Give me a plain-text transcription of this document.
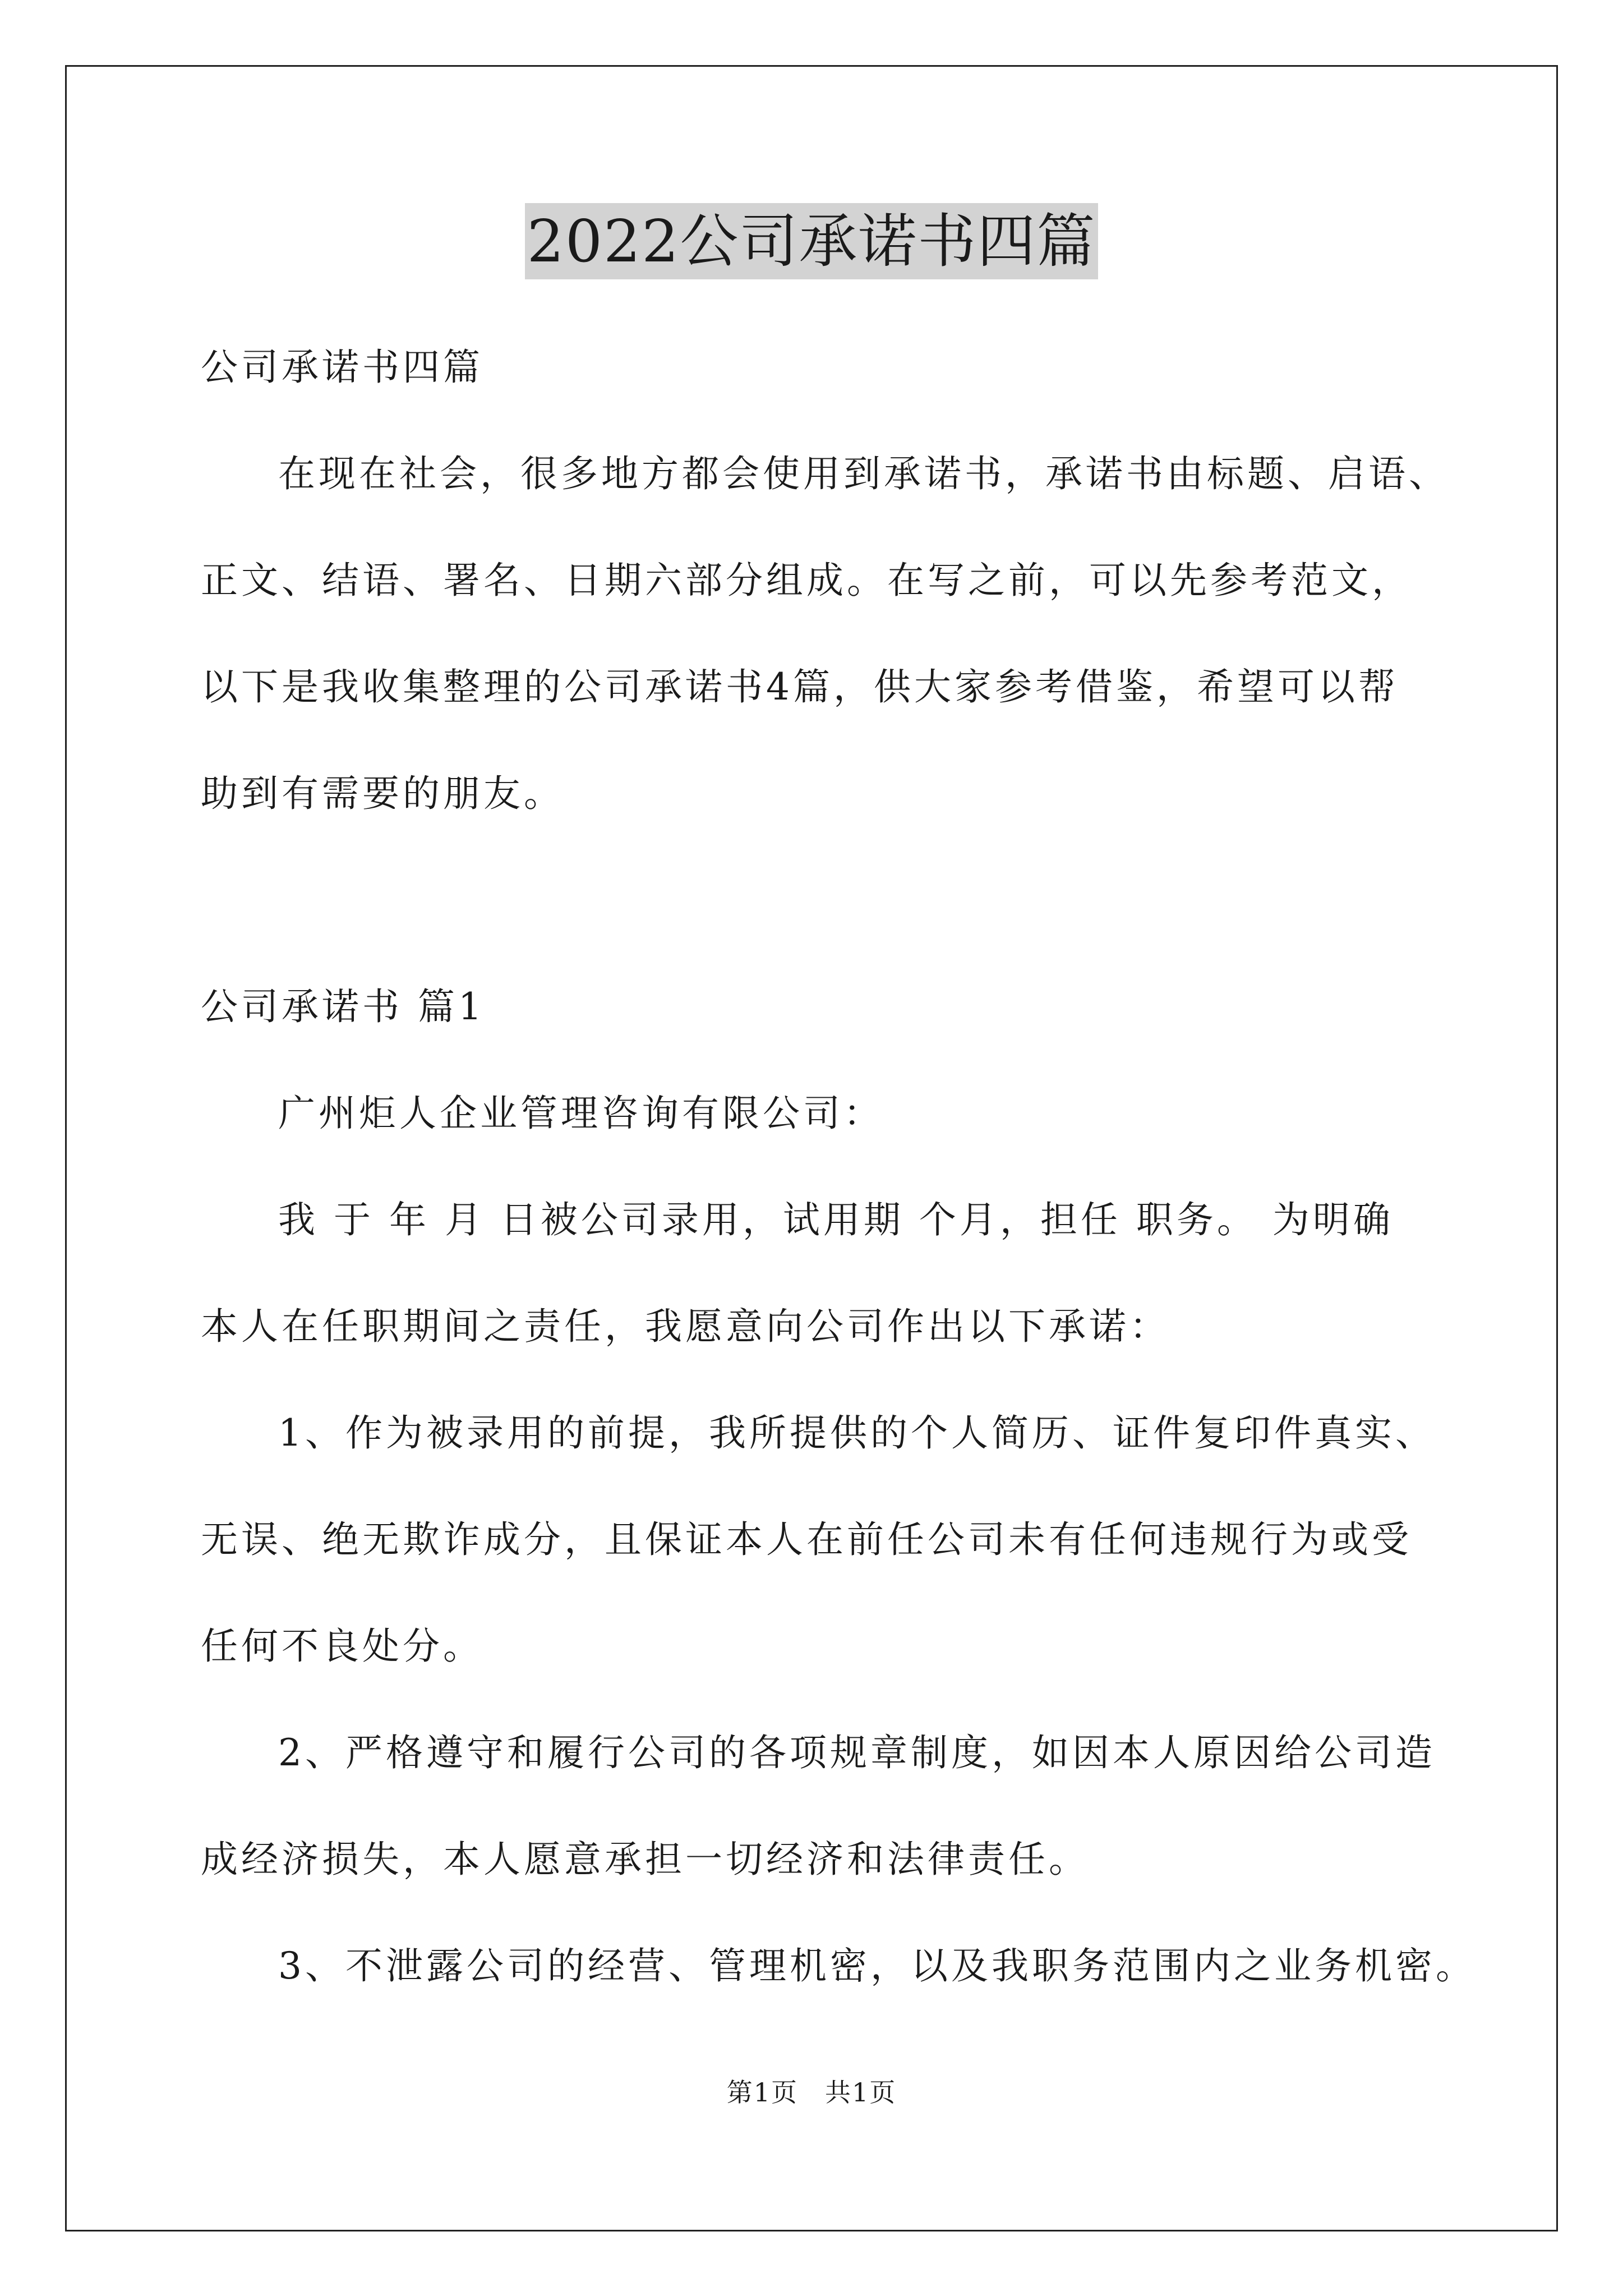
2022公司承诺书四篇
公司承诺书四篇
在现在社会，很多地方都会使用到承诺书，承诺书由标题、启语、
正文、结语、署名、日期六部分组成。在写之前，可以先参考范文，
以下是我收集整理的公司承诺书4篇，供大家参考借鉴，希望可以帮
助到有需要的朋友。
公司承诺书 篇1
广州炬人企业管理咨询有限公司：
我 于 年 月 日被公司录用，试用期 个月，担任 职务。 为明确
本人在任职期间之责任，我愿意向公司作出以下承诺：
1、作为被录用的前提，我所提供的个人简历、证件复印件真实、
无误、绝无欺诈成分，且保证本人在前任公司未有任何违规行为或受
任何不良处分。
2、严格遵守和履行公司的各项规章制度，如因本人原因给公司造
成经济损失，本人愿意承担一切经济和法律责任。
3、不泄露公司的经营、管理机密，以及我职务范围内之业务机密。
第1页　共1页
